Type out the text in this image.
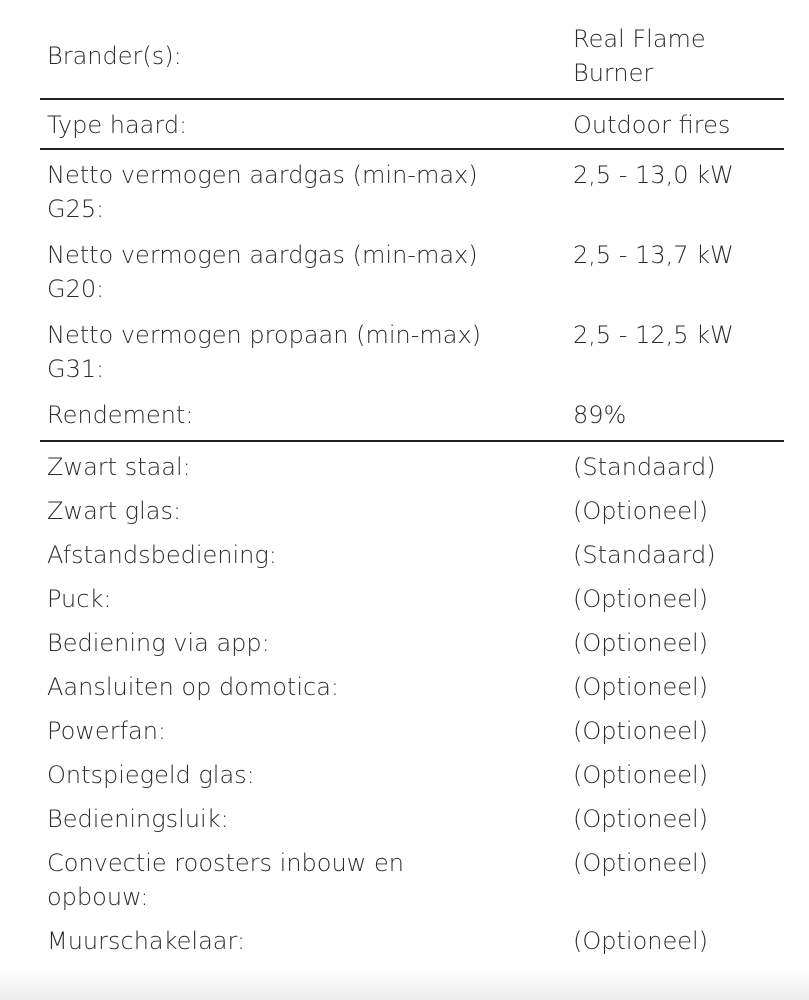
Brander(s):	Real Flame
Burner
Type haard:	Outdoor fires
Netto vermogen aardgas (min-max)
G25:	2,5 - 13,0 kW
Netto vermogen aardgas (min-max)
G20:	2,5 - 13,7 kW
Netto vermogen propaan (min-max)
G31:	2,5 - 12,5 kW
Rendement:	89%
Zwart staal:	(Standaard)
Zwart glas:	(Optioneel)
Afstandsbediening:	(Standaard)
Puck:	(Optioneel)
Bediening via app:	(Optioneel)
Aansluiten op domotica:	(Optioneel)
Powerfan:	(Optioneel)
Ontspiegeld glas:	(Optioneel)
Bedieningsluik:	(Optioneel)
Convectie roosters inbouw en
opbouw:	(Optioneel)
Muurschakelaar:	(Optioneel)
